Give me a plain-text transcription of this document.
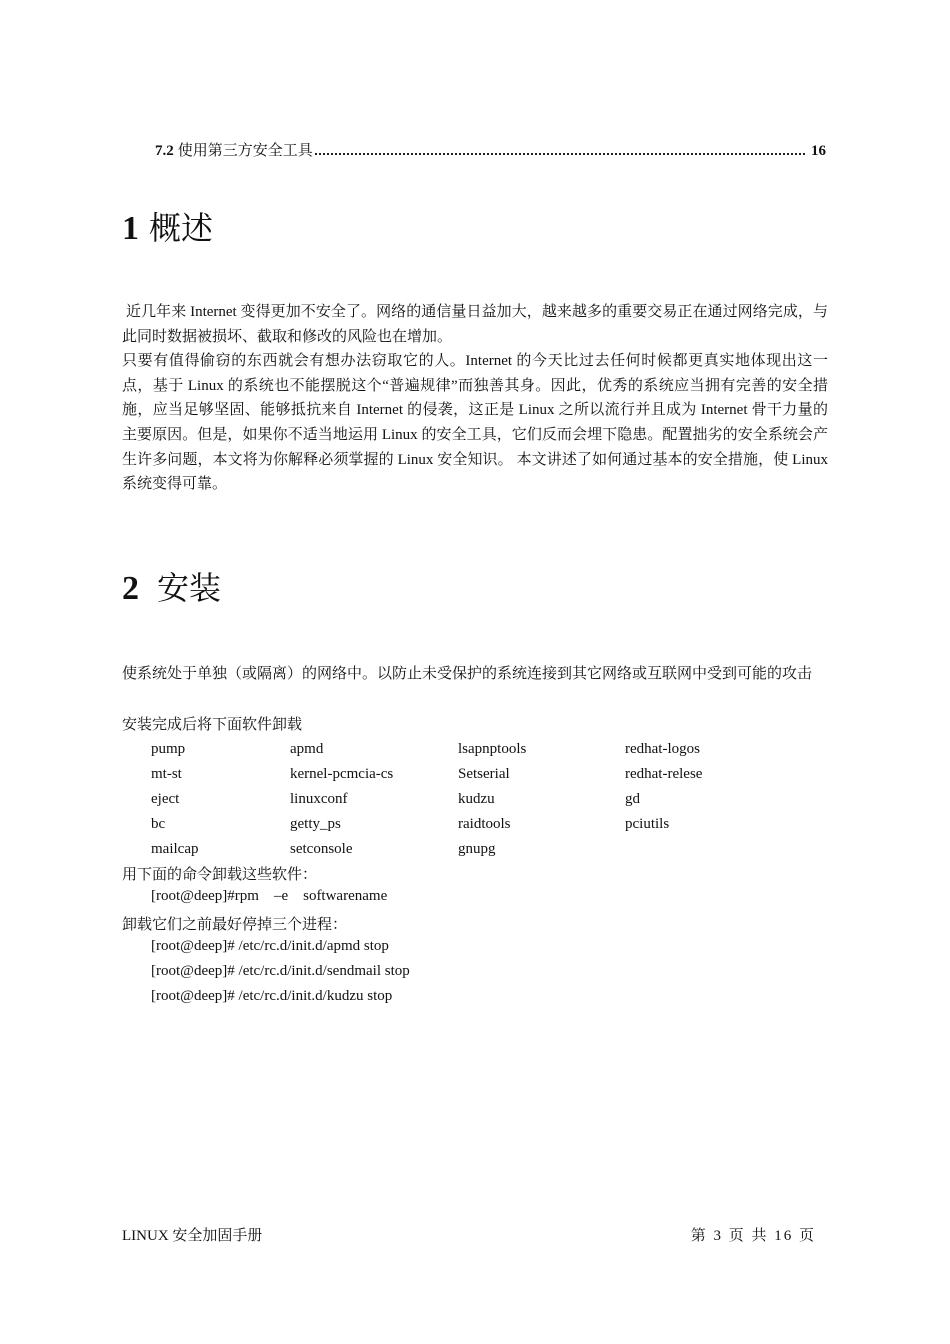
7.2 使用第三方安全工具	16
1 概述

近几年来 Internet 变得更加不安全了。网络的通信量日益加大，越来越多的重要交易正在通过网络完成，与此同时数据被损坏、截取和修改的风险也在增加。

只要有值得偷窃的东西就会有想办法窃取它的人。Internet 的今天比过去任何时候都更真实地体现出这一点，基于 Linux 的系统也不能摆脱这个“普遍规律”而独善其身。因此，优秀的系统应当拥有完善的安全措施，应当足够坚固、能够抵抗来自 Internet 的侵袭，这正是 Linux 之所以流行并且成为 Internet 骨干力量的主要原因。但是，如果你不适当地运用 Linux 的安全工具，它们反而会埋下隐患。配置拙劣的安全系统会产生许多问题，本文将为你解释必须掌握的 Linux 安全知识。 本文讲述了如何通过基本的安全措施，使 Linux 系统变得可靠。

2 安装
使系统处于单独（或隔离）的网络中。以防止未受保护的系统连接到其它网络或互联网中受到可能的攻击
安装完成后将下面软件卸载
pump	apmd	lsapnptools	redhat-logos
mt-st	kernel-pcmcia-cs	Setserial	redhat-relese
eject	linuxconf	kudzu	gd
bc	getty_ps	raidtools	pciutils
mailcap	setconsole	gnupg	
用下面的命令卸载这些软件：
[root@deep]#rpm    –e    softwarename
卸载它们之前最好停掉三个进程：
[root@deep]# /etc/rc.d/init.d/apmd stop
[root@deep]# /etc/rc.d/init.d/sendmail stop
[root@deep]# /etc/rc.d/init.d/kudzu stop
LINUX 安全加固手册	第 3 页 共 16 页
